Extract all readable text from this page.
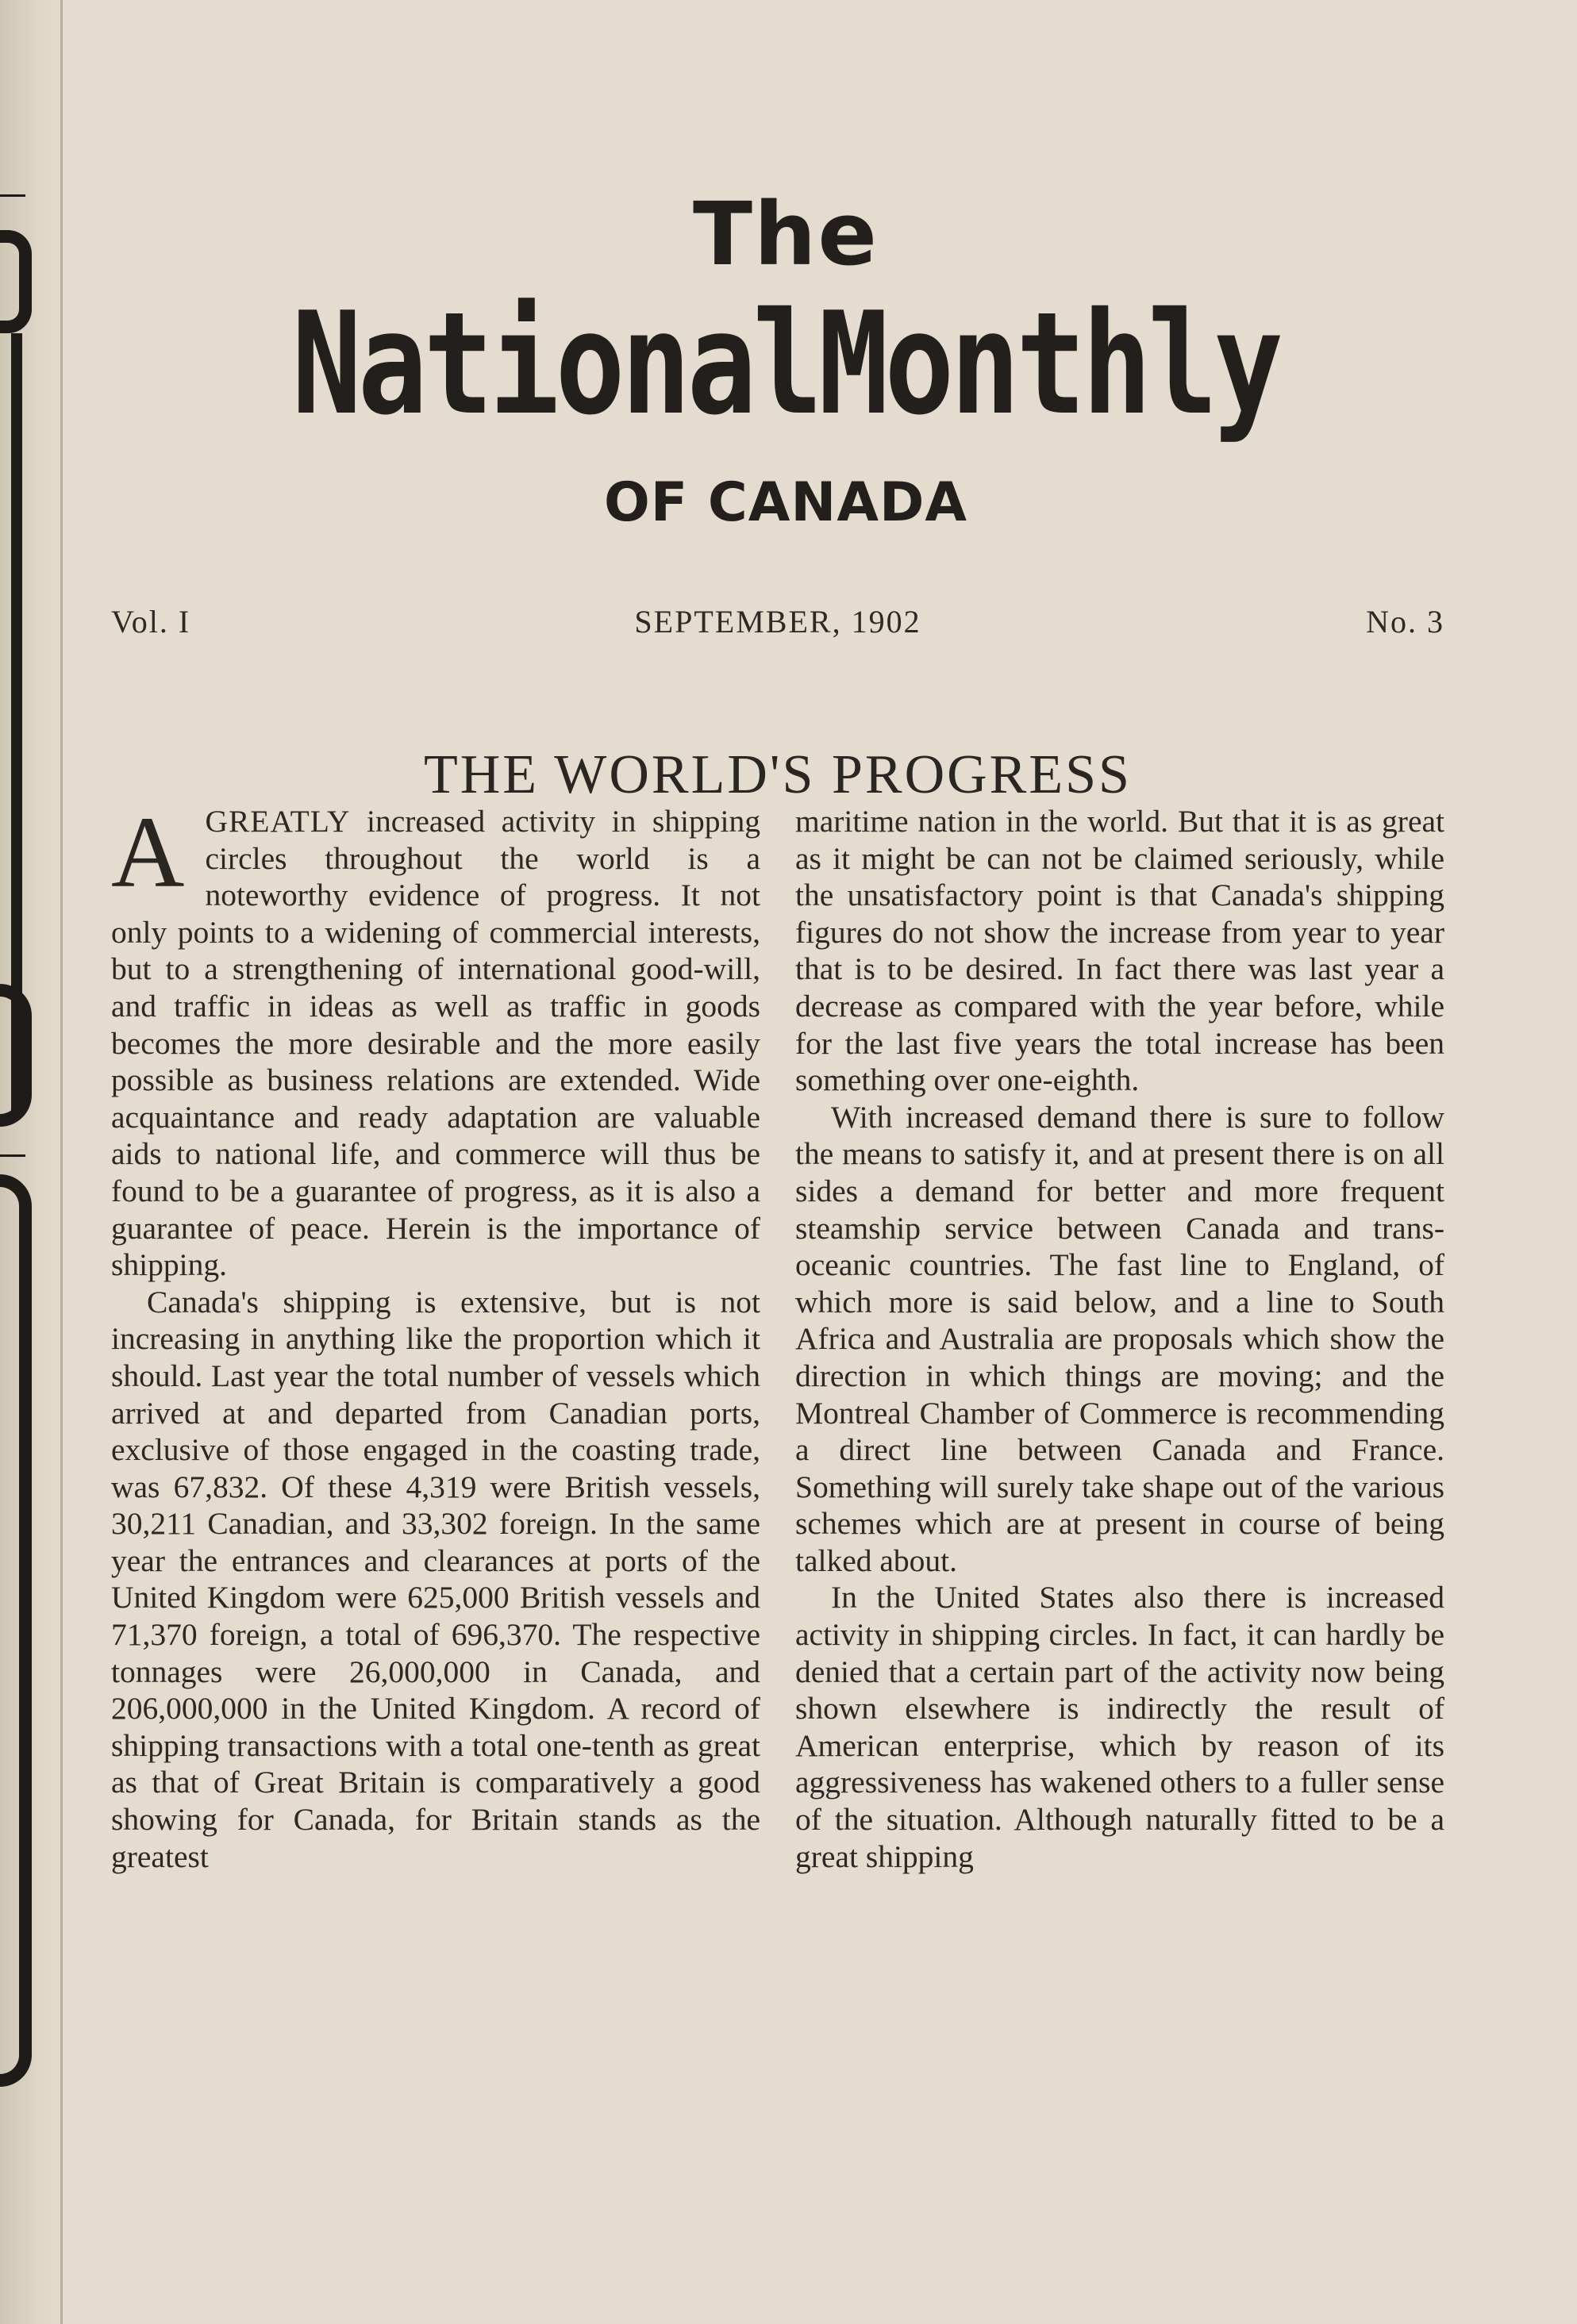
The
NationalMonthly
OF CANADA
SEPTEMBER, 1902
Vol. I	No. 3
THE WORLD'S PROGRESS

AGREATLY increased activity in shipping circles throughout the world is a noteworthy evidence of progress. It not only points to a widening of commercial interests, but to a strengthening of international good-will, and traffic in ideas as well as traffic in goods becomes the more desirable and the more easily possible as business relations are extended. Wide acquaintance and ready adaptation are valuable aids to national life, and commerce will thus be found to be a guarantee of progress, as it is also a guarantee of peace. Herein is the importance of shipping.

Canada's shipping is extensive, but is not increasing in anything like the proportion which it should. Last year the total number of vessels which arrived at and departed from Canadian ports, exclusive of those engaged in the coasting trade, was 67,832. Of these 4,319 were British vessels, 30,211 Canadian, and 33,302 foreign. In the same year the entrances and clearances at ports of the United Kingdom were 625,000 British vessels and 71,370 foreign, a total of 696,370. The respective tonnages were 26,000,000 in Canada, and 206,000,000 in the United Kingdom. A record of shipping transactions with a total one-tenth as great as that of Great Britain is comparatively a good showing for Canada, for Britain stands as the greatest

maritime nation in the world. But that it is as great as it might be can not be claimed seriously, while the unsatisfactory point is that Canada's shipping figures do not show the increase from year to year that is to be desired. In fact there was last year a decrease as compared with the year before, while for the last five years the total increase has been something over one-eighth.

With increased demand there is sure to follow the means to satisfy it, and at present there is on all sides a demand for better and more frequent steamship service between Canada and trans-oceanic countries. The fast line to England, of which more is said below, and a line to South Africa and Australia are proposals which show the direction in which things are moving; and the Montreal Chamber of Commerce is recommending a direct line between Canada and France. Something will surely take shape out of the various schemes which are at present in course of being talked about.

In the United States also there is increased activity in shipping circles. In fact, it can hardly be denied that a certain part of the activity now being shown elsewhere is indirectly the result of American enterprise, which by reason of its aggressiveness has wakened others to a fuller sense of the situation. Although naturally fitted to be a great shipping
